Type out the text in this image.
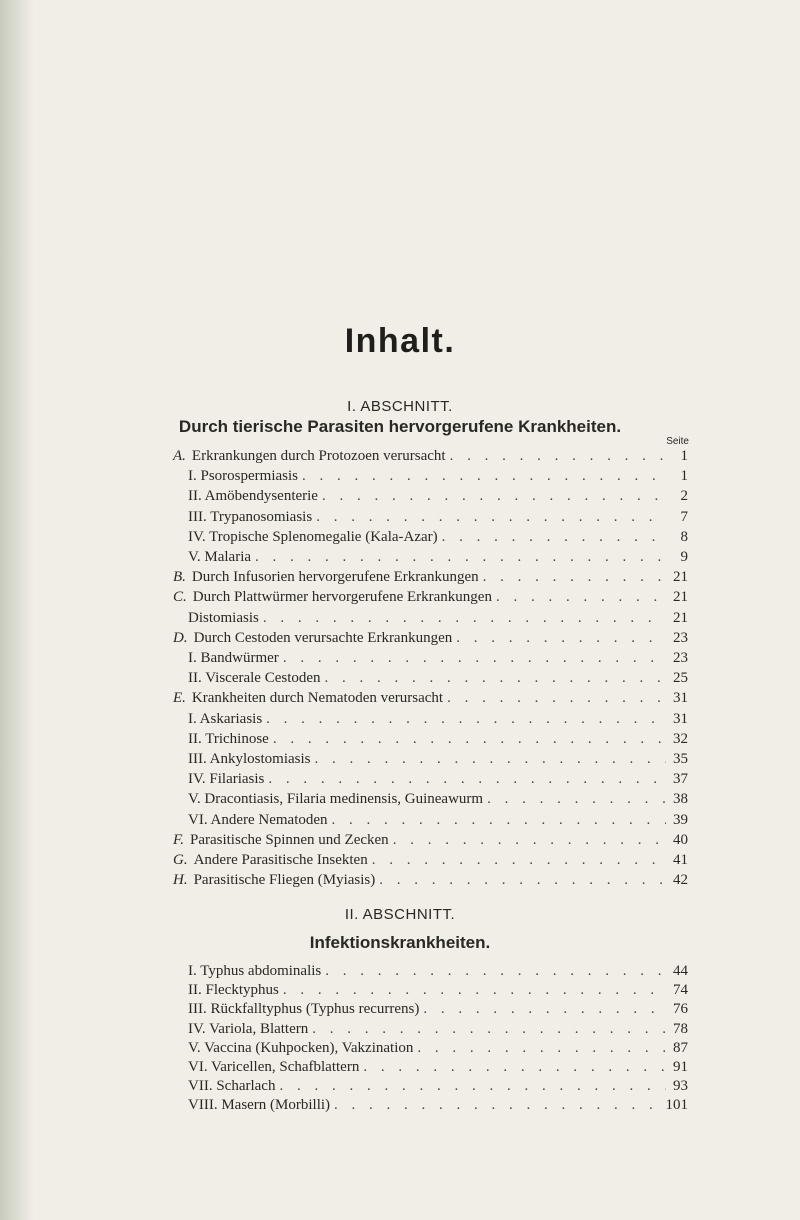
Inhalt.
I. ABSCHNITT.
Durch tierische Parasiten hervorgerufene Krankheiten.
Seite
A. Erkrankungen durch Protozoen verursacht . . .	1
I. Psorospermiasis . . .	1
II. Amöbendysenterie . . .	2
III. Trypanosomiasis . . .	7
IV. Tropische Splenomegalie (Kala-Azar) . . .	8
V. Malaria . . .	9
B. Durch Infusorien hervorgerufene Erkrankungen . . .	21
C. Durch Plattwürmer hervorgerufene Erkrankungen . . .	21
Distomiasis . . .	21
D. Durch Cestoden verursachte Erkrankungen . . .	23
I. Bandwürmer . . .	23
II. Viscerale Cestoden . . .	25
E. Krankheiten durch Nematoden verursacht . . .	31
I. Askariasis . . .	31
II. Trichinose . . .	32
III. Ankylostomiasis . . .	35
IV. Filariasis . . .	37
V. Dracontiasis, Filaria medinensis, Guineawurm . . .	38
VI. Andere Nematoden . . .	39
F. Parasitische Spinnen und Zecken . . .	40
G. Andere Parasitische Insekten . . .	41
H. Parasitische Fliegen (Myiasis) . . .	42
II. ABSCHNITT.
Infektionskrankheiten.
I. Typhus abdominalis . . .	44
II. Flecktyphus . . .	74
III. Rückfalltyphus (Typhus recurrens) . . .	76
IV. Variola, Blattern . . .	78
V. Vaccina (Kuhpocken), Vakzination . . .	87
VI. Varicellen, Schafblattern . . .	91
VII. Scharlach . . .	93
VIII. Masern (Morbilli) . . .	101
